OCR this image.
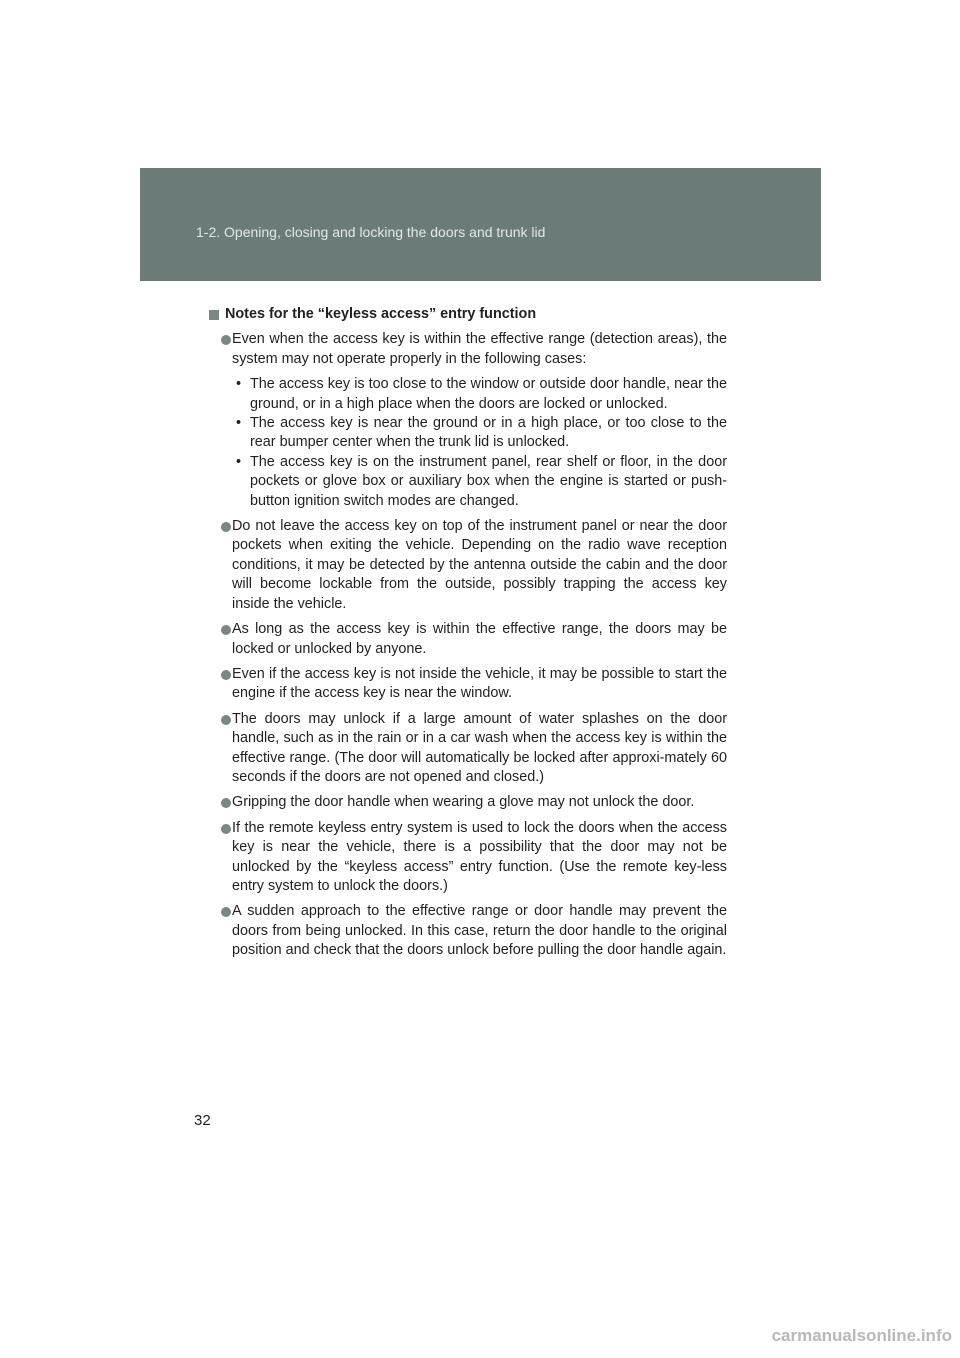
1-2. Opening, closing and locking the doors and trunk lid
Notes for the “keyless access” entry function
Even when the access key is within the effective range (detection areas), the system may not operate properly in the following cases:
• The access key is too close to the window or outside door handle, near the ground, or in a high place when the doors are locked or unlocked.
• The access key is near the ground or in a high place, or too close to the rear bumper center when the trunk lid is unlocked.
• The access key is on the instrument panel, rear shelf or floor, in the door pockets or glove box or auxiliary box when the engine is started or push-button ignition switch modes are changed.
Do not leave the access key on top of the instrument panel or near the door pockets when exiting the vehicle. Depending on the radio wave reception conditions, it may be detected by the antenna outside the cabin and the door will become lockable from the outside, possibly trapping the access key inside the vehicle.
As long as the access key is within the effective range, the doors may be locked or unlocked by anyone.
Even if the access key is not inside the vehicle, it may be possible to start the engine if the access key is near the window.
The doors may unlock if a large amount of water splashes on the door handle, such as in the rain or in a car wash when the access key is within the effective range. (The door will automatically be locked after approxi-mately 60 seconds if the doors are not opened and closed.)
Gripping the door handle when wearing a glove may not unlock the door.
If the remote keyless entry system is used to lock the doors when the access key is near the vehicle, there is a possibility that the door may not be unlocked by the “keyless access” entry function. (Use the remote key-less entry system to unlock the doors.)
A sudden approach to the effective range or door handle may prevent the doors from being unlocked. In this case, return the door handle to the original position and check that the doors unlock before pulling the door handle again.
32
carmanualsonline.info
